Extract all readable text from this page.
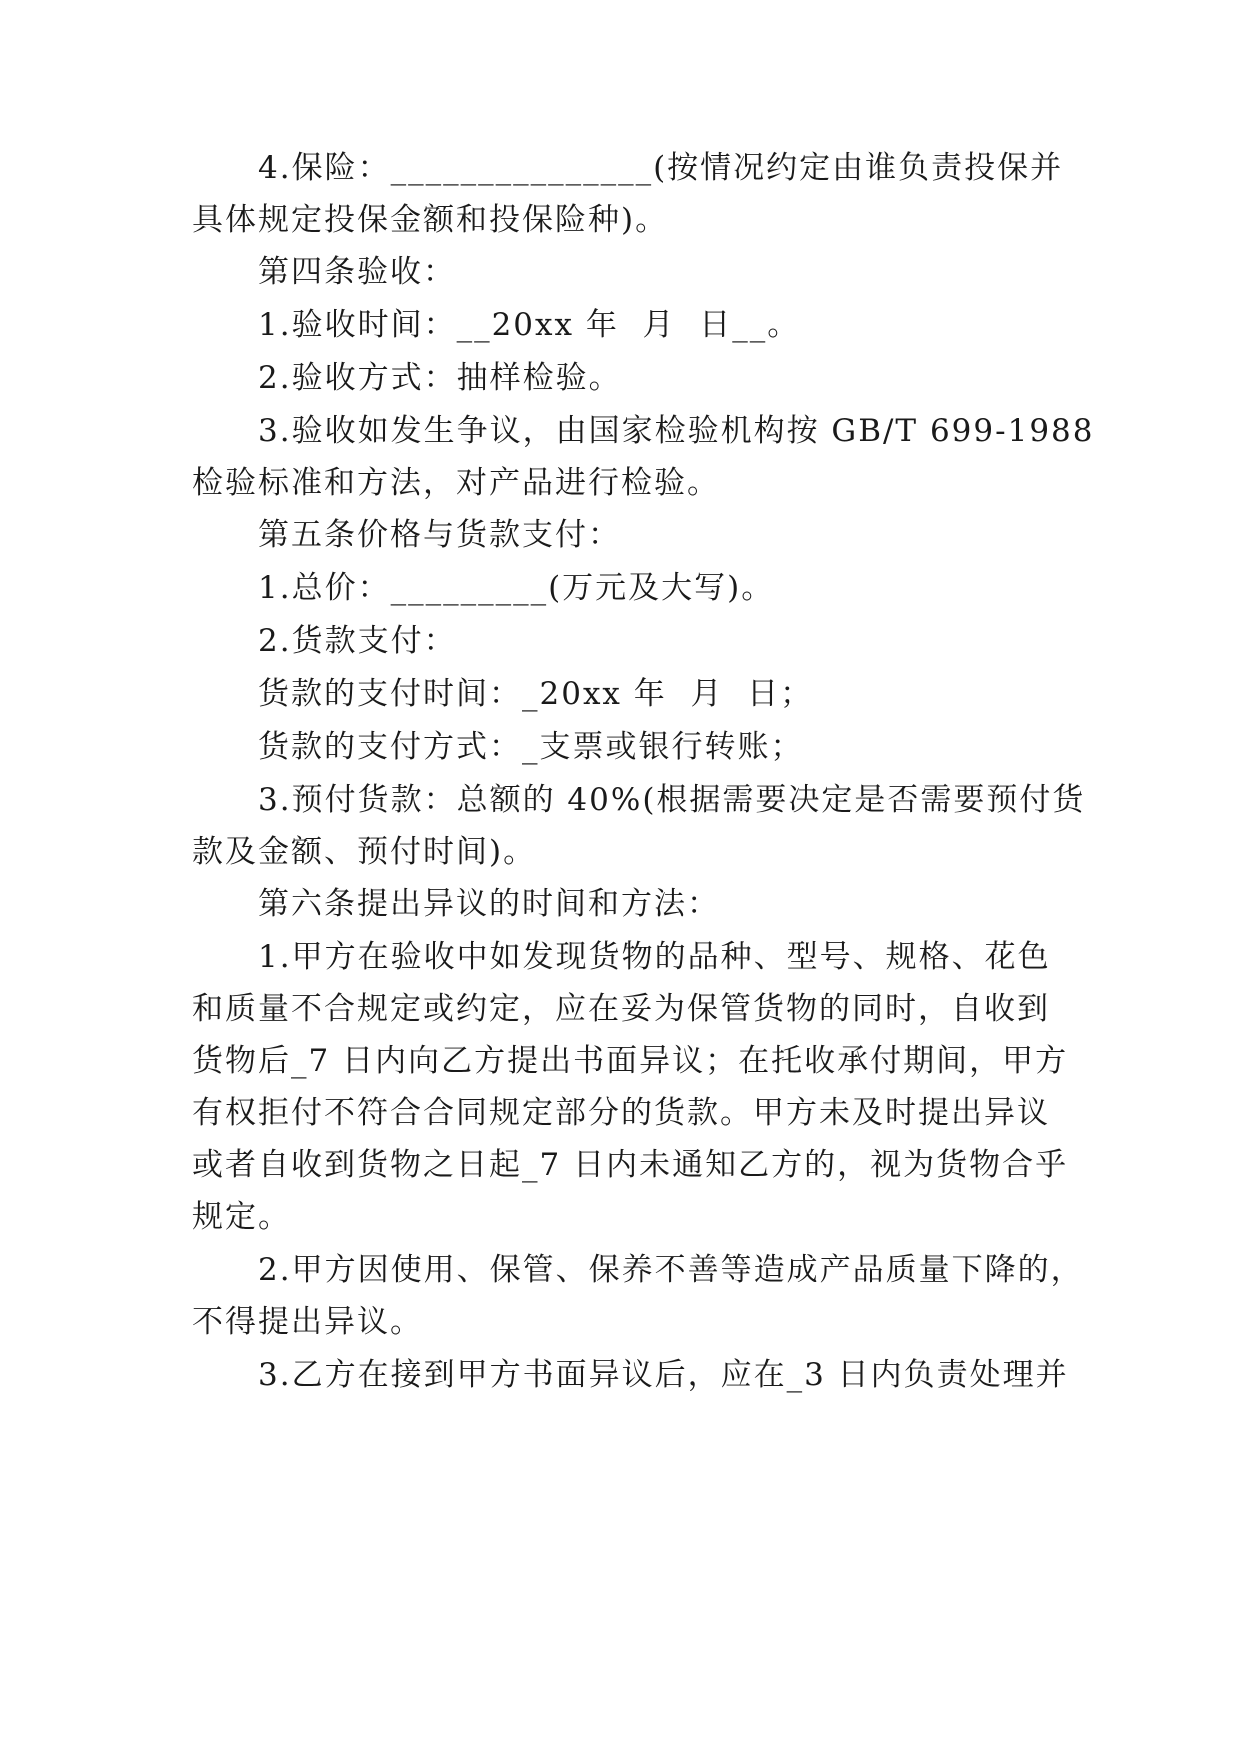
4.保险：_______________(按情况约定由谁负责投保并
具体规定投保金额和投保险种)。
第四条验收：
1.验收时间：__20xx 年  月  日__。
2.验收方式：抽样检验。
3.验收如发生争议，由国家检验机构按 GB/T 699-1988
检验标准和方法，对产品进行检验。
第五条价格与货款支付：
1.总价：_________(万元及大写)。
2.货款支付：
货款的支付时间：_20xx 年  月  日；
货款的支付方式：_支票或银行转账；
3.预付货款：总额的 40%(根据需要决定是否需要预付货
款及金额、预付时间)。
第六条提出异议的时间和方法：
1.甲方在验收中如发现货物的品种、型号、规格、花色
和质量不合规定或约定，应在妥为保管货物的同时，自收到
货物后_7 日内向乙方提出书面异议；在托收承付期间，甲方
有权拒付不符合合同规定部分的货款。甲方未及时提出异议
或者自收到货物之日起_7 日内未通知乙方的，视为货物合乎
规定。
2.甲方因使用、保管、保养不善等造成产品质量下降的，
不得提出异议。
3.乙方在接到甲方书面异议后，应在_3 日内负责处理并
